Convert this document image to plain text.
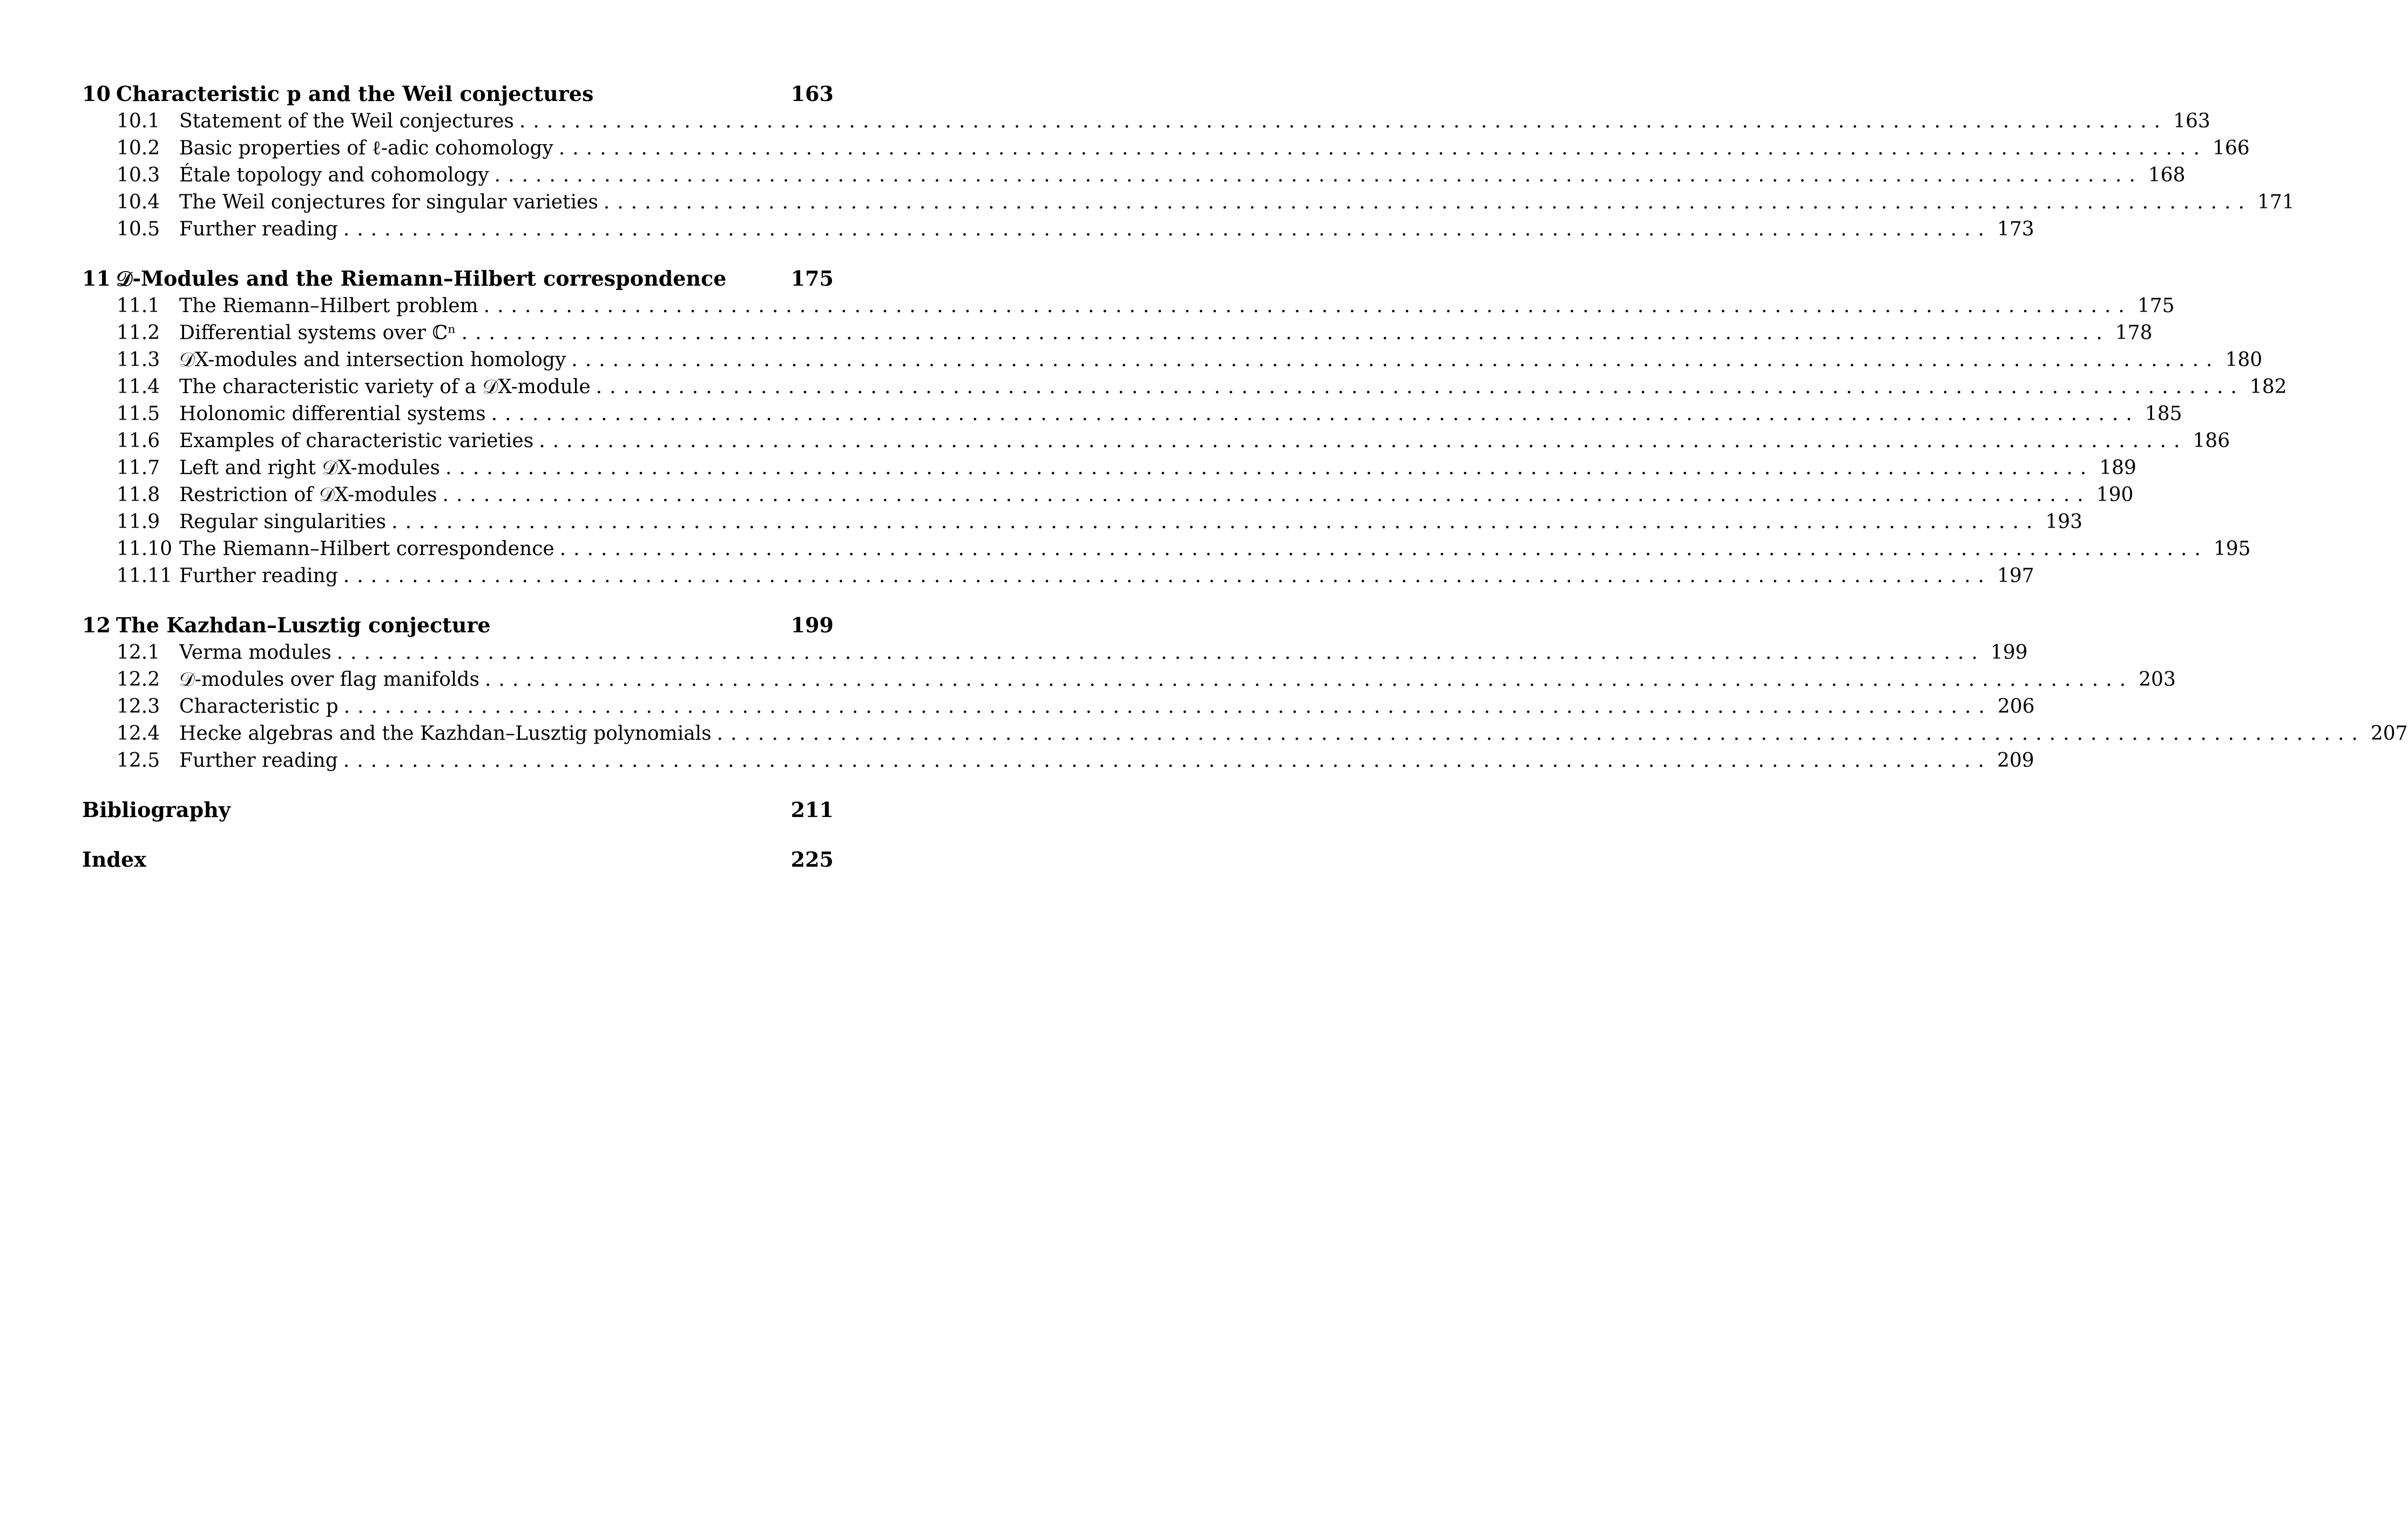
10 Characteristic p and the Weil conjectures	163
10.1 Statement of the Weil conjectures ........................................................................................................................ 163
10.2 Basic properties of ℓ-adic cohomology ........................................................................................................................ 166
10.3 Étale topology and cohomology ........................................................................................................................ 168
10.4 The Weil conjectures for singular varieties ........................................................................................................................ 171
10.5 Further reading ........................................................................................................................ 173
11 𝒟-Modules and the Riemann–Hilbert correspondence	175
11.1 The Riemann–Hilbert problem ........................................................................................................................ 175
11.2 Differential systems over ℂⁿ ........................................................................................................................ 178
11.3 𝒟X-modules and intersection homology ........................................................................................................................ 180
11.4 The characteristic variety of a 𝒟X-module ........................................................................................................................ 182
11.5 Holonomic differential systems ........................................................................................................................ 185
11.6 Examples of characteristic varieties ........................................................................................................................ 186
11.7 Left and right 𝒟X-modules ........................................................................................................................ 189
11.8 Restriction of 𝒟X-modules ........................................................................................................................ 190
11.9 Regular singularities ........................................................................................................................ 193
11.10 The Riemann–Hilbert correspondence ........................................................................................................................ 195
11.11 Further reading ........................................................................................................................ 197
12 The Kazhdan–Lusztig conjecture	199
12.1 Verma modules ........................................................................................................................ 199
12.2 𝒟-modules over flag manifolds ........................................................................................................................ 203
12.3 Characteristic p ........................................................................................................................ 206
12.4 Hecke algebras and the Kazhdan–Lusztig polynomials ........................................................................................................................ 207
12.5 Further reading ........................................................................................................................ 209
Bibliography	211
Index	225
